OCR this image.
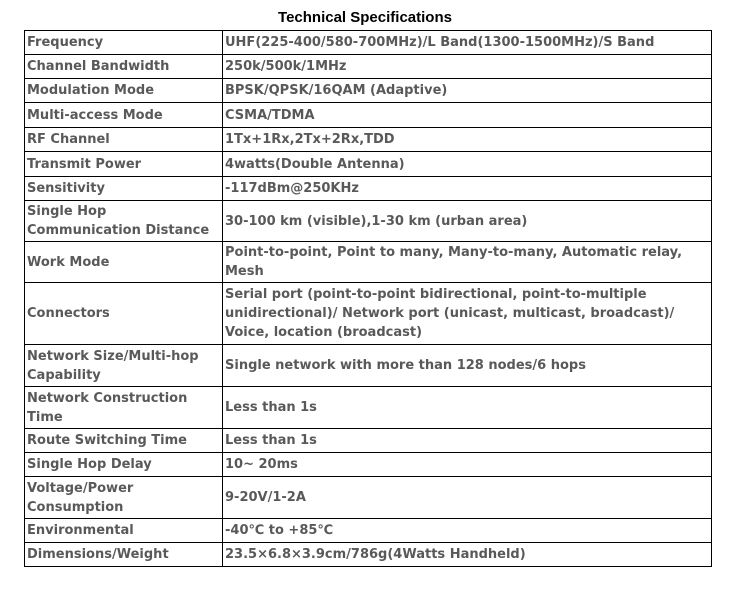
Technical Specifications
Frequency	UHF(225-400/580-700MHz)/L Band(1300-1500MHz)/S Band
Channel Bandwidth	250k/500k/1MHz
Modulation Mode	BPSK/QPSK/16QAM (Adaptive)
Multi-access Mode	CSMA/TDMA
RF Channel	1Tx+1Rx,2Tx+2Rx,TDD
Transmit Power	4watts(Double Antenna)
Sensitivity	-117dBm@250KHz
Single Hop Communication Distance	30-100 km (visible),1-30 km (urban area)
Work Mode	Point-to-point, Point to many, Many-to-many, Automatic relay, Mesh
Connectors	Serial port (point-to-point bidirectional, point-to-multiple unidirectional)/ Network port (unicast, multicast, broadcast)/ Voice, location (broadcast)
Network Size/Multi-hop Capability	Single network with more than 128 nodes/6 hops
Network Construction Time	Less than 1s
Route Switching Time	Less than 1s
Single Hop Delay	10~ 20ms
Voltage/Power Consumption	9-20V/1-2A
Environmental	-40℃ to +85℃
Dimensions/Weight	23.5×6.8×3.9cm/786g(4Watts Handheld)
